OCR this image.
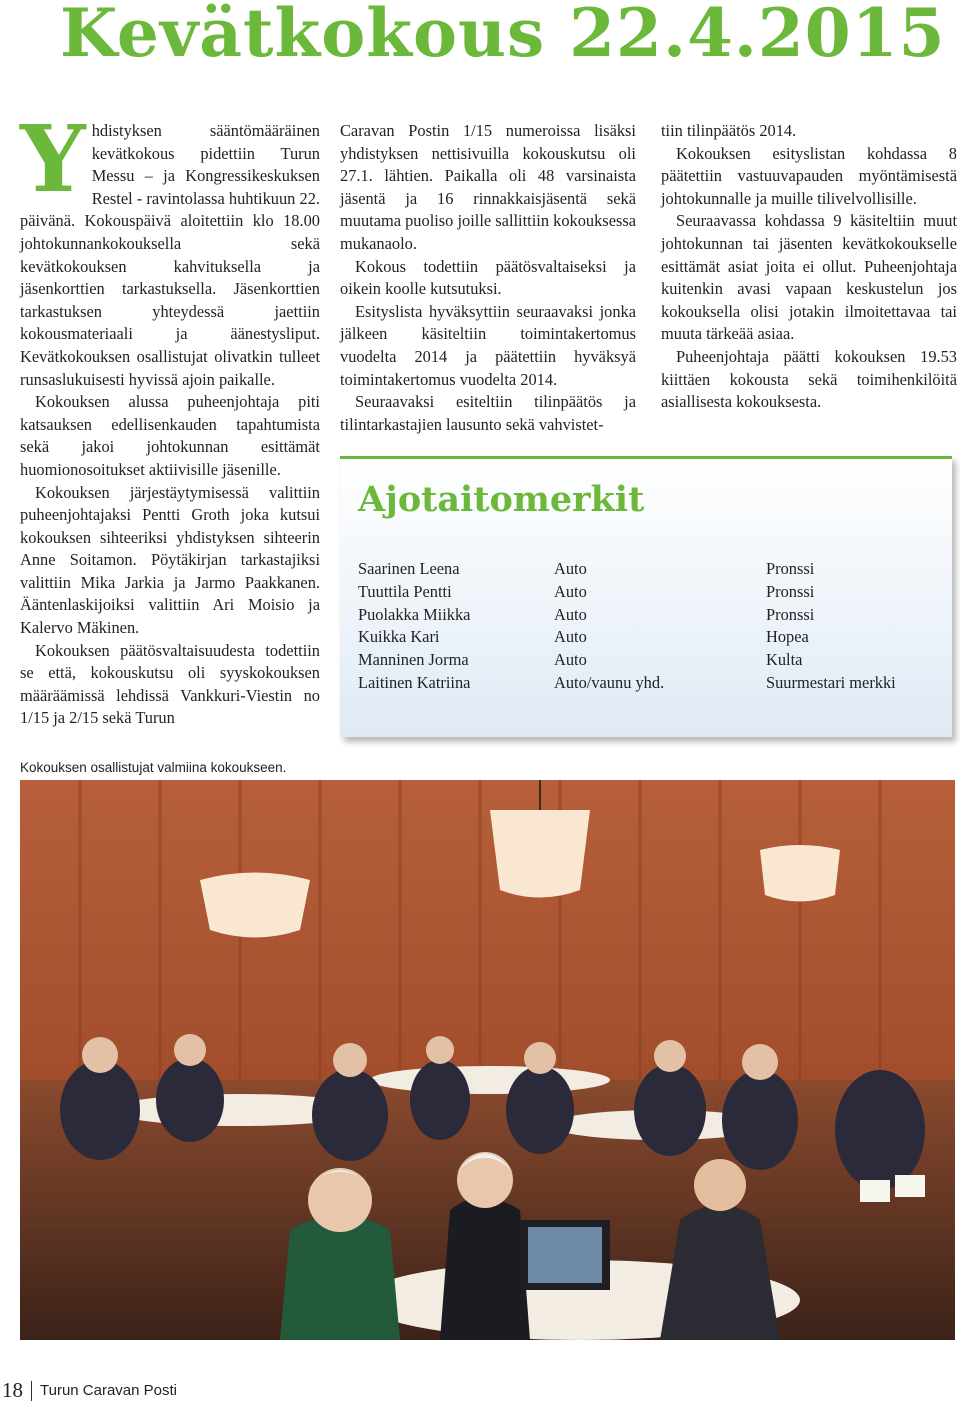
Kevätkokous 22.4.2015
Y hdistyksen sääntömääräinen kevätkokous pidettiin Turun Messu – ja Kongressikeskuksen Restel - ravintolassa huhtikuun 22. päivänä. Kokouspäivä aloitettiin klo 18.00 johtokunnankokouksella sekä kevätkokouksen kahvituksella ja jäsenkorttien tarkastuksella. Jäsenkorttien tarkastuksen yhteydessä jaettiin kokousmateriaali ja äänestysliput. Kevätkokouksen osallistujat olivatkin tulleet runsaslukuisesti hyvissä ajoin paikalle.

Kokouksen alussa puheenjohtaja piti katsauksen edellisenkauden tapahtumista sekä jakoi johtokunnan esittämät huomionosoitukset aktiivisille jäsenille.

Kokouksen järjestäytymisessä valittiin puheenjohtajaksi Pentti Groth joka kutsui kokouksen sihteeriksi yhdistyksen sihteerin Anne Soitamon. Pöytäkirjan tarkastajiksi valittiin Mika Jarkia ja Jarmo Paakkanen. Ääntenlaskijoiksi valittiin Ari Moisio ja Kalervo Mäkinen.

Kokouksen päätösvaltaisuudesta todettiin se että, kokouskutsu oli syyskokouksen määräämissä lehdissä Vankkuri-Viestin no 1/15 ja 2/15 sekä Turun

Caravan Postin 1/15 numeroissa lisäksi yhdistyksen nettisivuilla kokouskutsu oli 27.1. lähtien. Paikalla oli 48 varsinaista jäsentä ja 16 rinnakkaisjäsentä sekä muutama puoliso joille sallittiin kokouksessa mukanaolo.

Kokous todettiin päätösvaltaiseksi ja oikein koolle kutsutuksi.

Esityslista hyväksyttiin seuraavaksi jonka jälkeen käsiteltiin toimintakertomus vuodelta 2014 ja päätettiin hyväksyä toimintakertomus vuodelta 2014.

Seuraavaksi esiteltiin tilinpäätös ja tilintarkastajien lausunto sekä vahvistet-

tiin tilinpäätös 2014.

Kokouksen esityslistan kohdassa 8 päätettiin vastuuvapauden myöntämisestä johtokunnalle ja muille tilivelvollisille.

Seuraavassa kohdassa 9 käsiteltiin muut johtokunnan tai jäsenten kevätkokoukselle esittämät asiat joita ei ollut. Puheenjohtaja kuitenkin avasi vapaan keskustelun jos kokouksella olisi jotakin ilmoitettavaa tai muuta tärkeää asiaa.

Puheenjohtaja päätti kokouksen 19.53 kiittäen kokousta sekä toimihenkilöitä asiallisesta kokouksesta.

Ajotaitomerkit
Saarinen Leena	Auto	Pronssi
Tuuttila Pentti	Auto	Pronssi
Puolakka Miikka	Auto	Pronssi
Kuikka Kari	Auto	Hopea
Manninen Jorma	Auto	Kulta
Laitinen Katriina	Auto/vaunu yhd.	Suurmestari merkki
Kokouksen osallistujat valmiina kokoukseen.
18 Turun Caravan Posti
